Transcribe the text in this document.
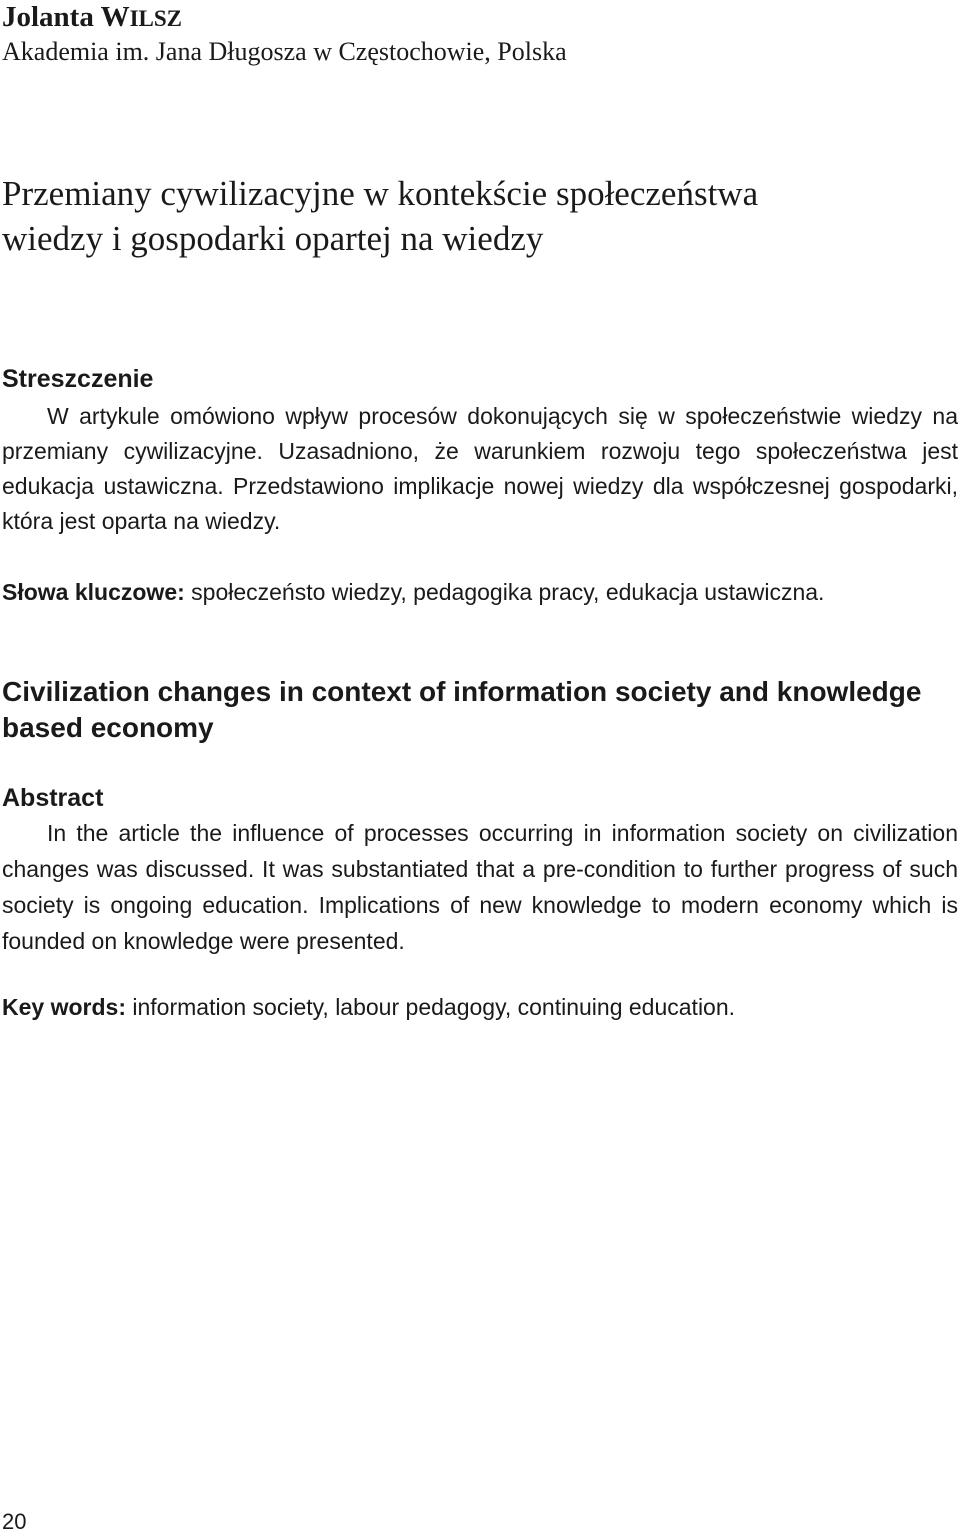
Jolanta WILSZ
Akademia im. Jana Długosza w Częstochowie, Polska
Przemiany cywilizacyjne w kontekście społeczeństwa
wiedzy i gospodarki opartej na wiedzy
Streszczenie
W artykule omówiono wpływ procesów dokonujących się w społeczeństwie wiedzy na przemiany cywilizacyjne. Uzasadniono, że warunkiem rozwoju tego społeczeństwa jest edukacja ustawiczna. Przedstawiono implikacje nowej wiedzy dla współczesnej gospodarki, która jest oparta na wiedzy.
Słowa kluczowe: społeczeństo wiedzy, pedagogika pracy, edukacja ustawiczna.
Civilization changes in context of information society and knowledge
based economy
Abstract
In the article the influence of processes occurring in information society on civilization changes was discussed. It was substantiated that a pre-condition to further progress of such society is ongoing education. Implications of new knowledge to modern economy which is founded on knowledge were presented.
Key words: information society, labour pedagogy, continuing education.
20
